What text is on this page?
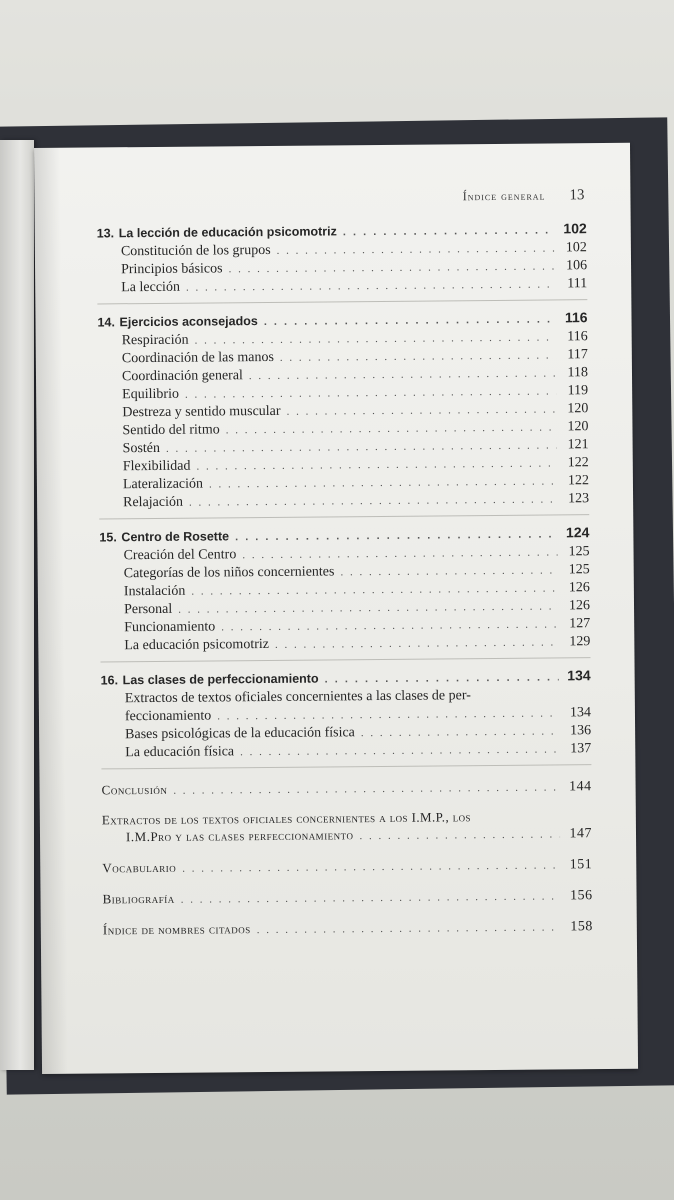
Índice general 13
13. La lección de educación psicomotriz . . .	102
Constitución de los grupos . . .	102
Principios básicos . . .	106
La lección . . .	111
14. Ejercicios aconsejados . . .	116
Respiración . . .	116
Coordinación de las manos . . .	117
Coordinación general . . .	118
Equilibrio . . .	119
Destreza y sentido muscular . . .	120
Sentido del ritmo . . .	120
Sostén . . .	121
Flexibilidad . . .	122
Lateralización . . .	122
Relajación . . .	123
15. Centro de Rosette . . .	124
Creación del Centro . . .	125
Categorías de los niños concernientes . . .	125
Instalación . . .	126
Personal . . .	126
Funcionamiento . . .	127
La educación psicomotriz . . .	129
16. Las clases de perfeccionamiento . . .	134
Extractos de textos oficiales concernientes a las clases de per-
feccionamiento . . .	134
Bases psicológicas de la educación física . . .	136
La educación física . . .	137
Conclusión . . .	144
Extractos de los textos oficiales concernientes a los I.M.P., los
I.M.Pro y las clases perfeccionamiento . . .	147
Vocabulario . . .	151
Bibliografía . . .	156
Índice de nombres citados . . .	158
